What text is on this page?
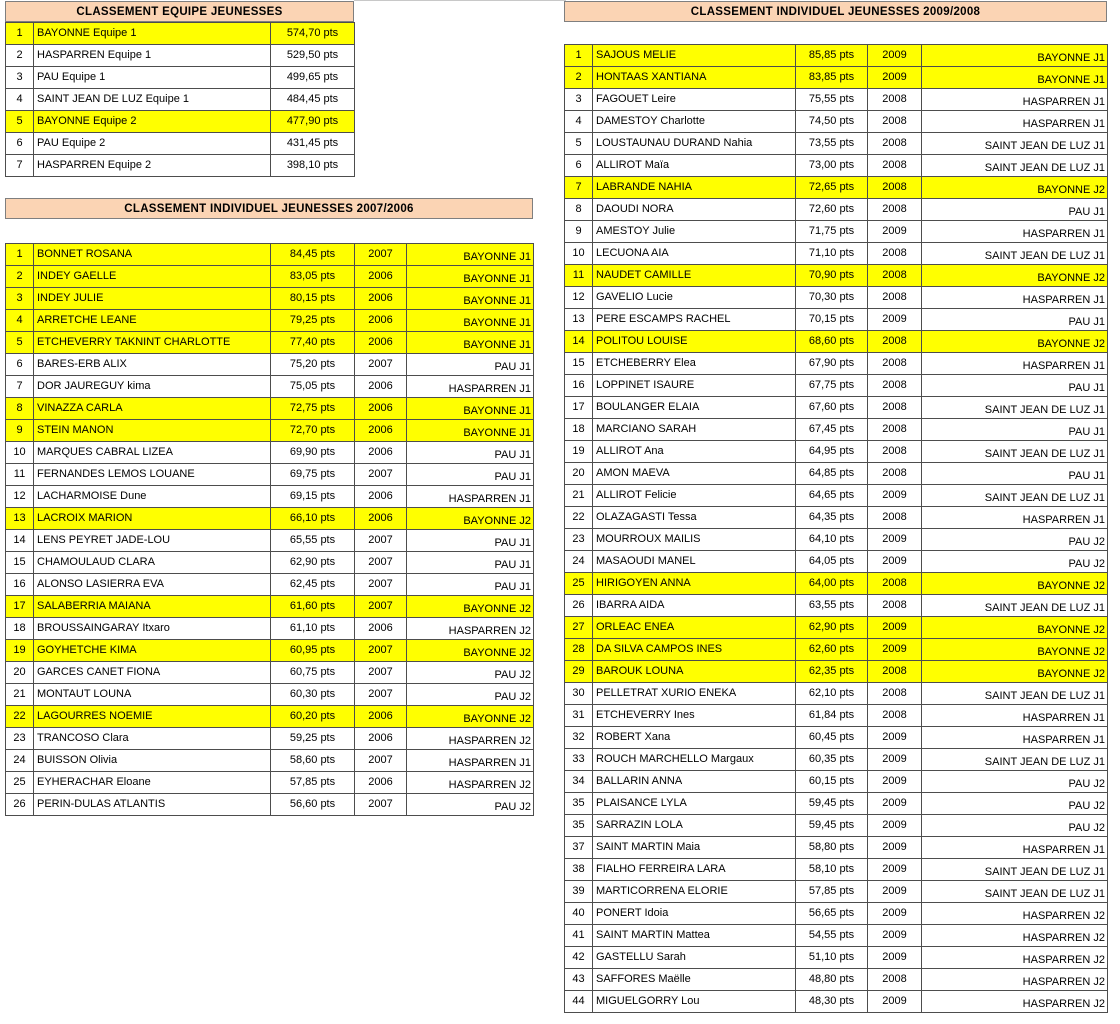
CLASSEMENT EQUIPE JEUNESSES
1	BAYONNE Equipe 1	574,70 pts
2	HASPARREN Equipe 1	529,50 pts
3	PAU Equipe 1	499,65 pts
4	SAINT JEAN DE LUZ Equipe 1	484,45 pts
5	BAYONNE Equipe 2	477,90 pts
6	PAU Equipe 2	431,45 pts
7	HASPARREN Equipe 2	398,10 pts
CLASSEMENT INDIVIDUEL JEUNESSES 2007/2006
1	BONNET ROSANA	84,45 pts	2007	BAYONNE J1
2	INDEY GAELLE	83,05 pts	2006	BAYONNE J1
3	INDEY JULIE	80,15 pts	2006	BAYONNE J1
4	ARRETCHE LEANE	79,25 pts	2006	BAYONNE J1
5	ETCHEVERRY TAKNINT CHARLOTTE	77,40 pts	2006	BAYONNE J1
6	BARES-ERB ALIX	75,20 pts	2007	PAU J1
7	DOR JAUREGUY kima	75,05 pts	2006	HASPARREN J1
8	VINAZZA CARLA	72,75 pts	2006	BAYONNE J1
9	STEIN MANON	72,70 pts	2006	BAYONNE J1
10	MARQUES CABRAL LIZEA	69,90 pts	2006	PAU J1
11	FERNANDES LEMOS LOUANE	69,75 pts	2007	PAU J1
12	LACHARMOISE Dune	69,15 pts	2006	HASPARREN J1
13	LACROIX MARION	66,10 pts	2006	BAYONNE J2
14	LENS PEYRET JADE-LOU	65,55 pts	2007	PAU J1
15	CHAMOULAUD CLARA	62,90 pts	2007	PAU J1
16	ALONSO LASIERRA EVA	62,45 pts	2007	PAU J1
17	SALABERRIA MAIANA	61,60 pts	2007	BAYONNE J2
18	BROUSSAINGARAY Itxaro	61,10 pts	2006	HASPARREN J2
19	GOYHETCHE KIMA	60,95 pts	2007	BAYONNE J2
20	GARCES CANET FIONA	60,75 pts	2007	PAU J2
21	MONTAUT LOUNA	60,30 pts	2007	PAU J2
22	LAGOURRES NOEMIE	60,20 pts	2006	BAYONNE J2
23	TRANCOSO Clara	59,25 pts	2006	HASPARREN J2
24	BUISSON Olivia	58,60 pts	2007	HASPARREN J1
25	EYHERACHAR Eloane	57,85 pts	2006	HASPARREN J2
26	PERIN-DULAS ATLANTIS	56,60 pts	2007	PAU J2
CLASSEMENT INDIVIDUEL JEUNESSES 2009/2008
1	SAJOUS MELIE	85,85 pts	2009	BAYONNE J1
2	HONTAAS XANTIANA	83,85 pts	2009	BAYONNE J1
3	FAGOUET Leire	75,55 pts	2008	HASPARREN J1
4	DAMESTOY Charlotte	74,50 pts	2008	HASPARREN J1
5	LOUSTAUNAU DURAND Nahia	73,55 pts	2008	SAINT JEAN DE LUZ J1
6	ALLIROT Maïa	73,00 pts	2008	SAINT JEAN DE LUZ J1
7	LABRANDE NAHIA	72,65 pts	2008	BAYONNE J2
8	DAOUDI NORA	72,60 pts	2008	PAU J1
9	AMESTOY Julie	71,75 pts	2009	HASPARREN J1
10	LECUONA AIA	71,10 pts	2008	SAINT JEAN DE LUZ J1
11	NAUDET CAMILLE	70,90 pts	2008	BAYONNE J2
12	GAVELIO Lucie	70,30 pts	2008	HASPARREN J1
13	PERE ESCAMPS RACHEL	70,15 pts	2009	PAU J1
14	POLITOU LOUISE	68,60 pts	2008	BAYONNE J2
15	ETCHEBERRY Elea	67,90 pts	2008	HASPARREN J1
16	LOPPINET ISAURE	67,75 pts	2008	PAU J1
17	BOULANGER ELAIA	67,60 pts	2008	SAINT JEAN DE LUZ J1
18	MARCIANO SARAH	67,45 pts	2008	PAU J1
19	ALLIROT Ana	64,95 pts	2008	SAINT JEAN DE LUZ J1
20	AMON MAEVA	64,85 pts	2008	PAU J1
21	ALLIROT Felicie	64,65 pts	2009	SAINT JEAN DE LUZ J1
22	OLAZAGASTI Tessa	64,35 pts	2008	HASPARREN J1
23	MOURROUX MAILIS	64,10 pts	2009	PAU J2
24	MASAOUDI MANEL	64,05 pts	2009	PAU J2
25	HIRIGOYEN ANNA	64,00 pts	2008	BAYONNE J2
26	IBARRA AIDA	63,55 pts	2008	SAINT JEAN DE LUZ J1
27	ORLEAC ENEA	62,90 pts	2009	BAYONNE J2
28	DA SILVA CAMPOS INES	62,60 pts	2009	BAYONNE J2
29	BAROUK LOUNA	62,35 pts	2008	BAYONNE J2
30	PELLETRAT XURIO ENEKA	62,10 pts	2008	SAINT JEAN DE LUZ J1
31	ETCHEVERRY Ines	61,84 pts	2008	HASPARREN J1
32	ROBERT Xana	60,45 pts	2009	HASPARREN J1
33	ROUCH MARCHELLO Margaux	60,35 pts	2009	SAINT JEAN DE LUZ J1
34	BALLARIN ANNA	60,15 pts	2009	PAU J2
35	PLAISANCE LYLA	59,45 pts	2009	PAU J2
35	SARRAZIN LOLA	59,45 pts	2009	PAU J2
37	SAINT MARTIN Maia	58,80 pts	2009	HASPARREN J1
38	FIALHO FERREIRA LARA	58,10 pts	2009	SAINT JEAN DE LUZ J1
39	MARTICORRENA ELORIE	57,85 pts	2009	SAINT JEAN DE LUZ J1
40	PONERT Idoia	56,65 pts	2009	HASPARREN J2
41	SAINT MARTIN Mattea	54,55 pts	2009	HASPARREN J2
42	GASTELLU Sarah	51,10 pts	2009	HASPARREN J2
43	SAFFORES Maëlle	48,80 pts	2008	HASPARREN J2
44	MIGUELGORRY Lou	48,30 pts	2009	HASPARREN J2
